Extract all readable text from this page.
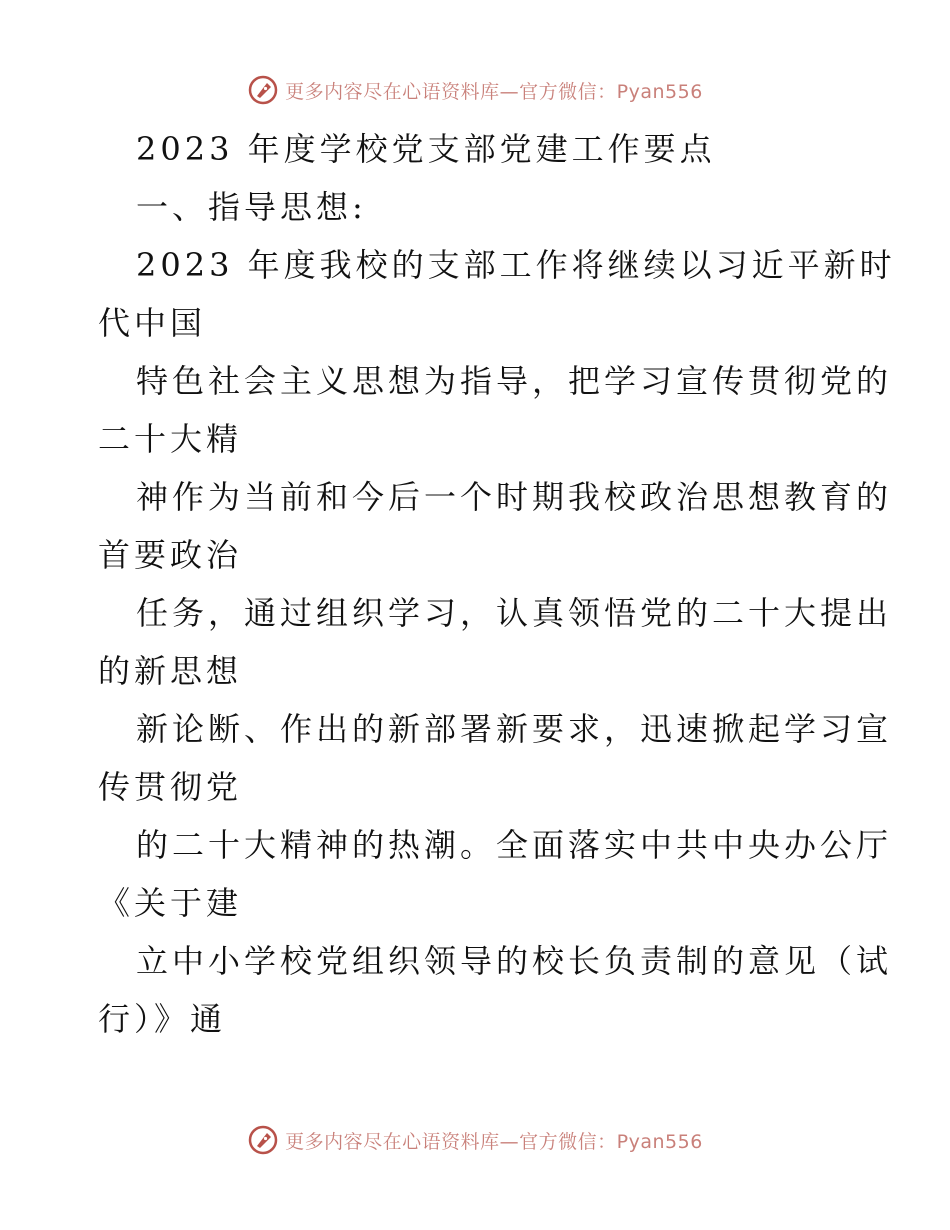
更多内容尽在心语资料库—官方微信：Pyan556
2023 年度学校党支部党建工作要点
一、指导思想:
2023 年度我校的支部工作将继续以习近平新时
代中国
特色社会主义思想为指导，把学习宣传贯彻党的
二十大精
神作为当前和今后一个时期我校政治思想教育的
首要政治
任务，通过组织学习，认真领悟党的二十大提出
的新思想
新论断、作出的新部署新要求，迅速掀起学习宣
传贯彻党
的二十大精神的热潮。全面落实中共中央办公厅
《关于建
立中小学校党组织领导的校长负责制的意见（试
行）》通
更多内容尽在心语资料库—官方微信：Pyan556
